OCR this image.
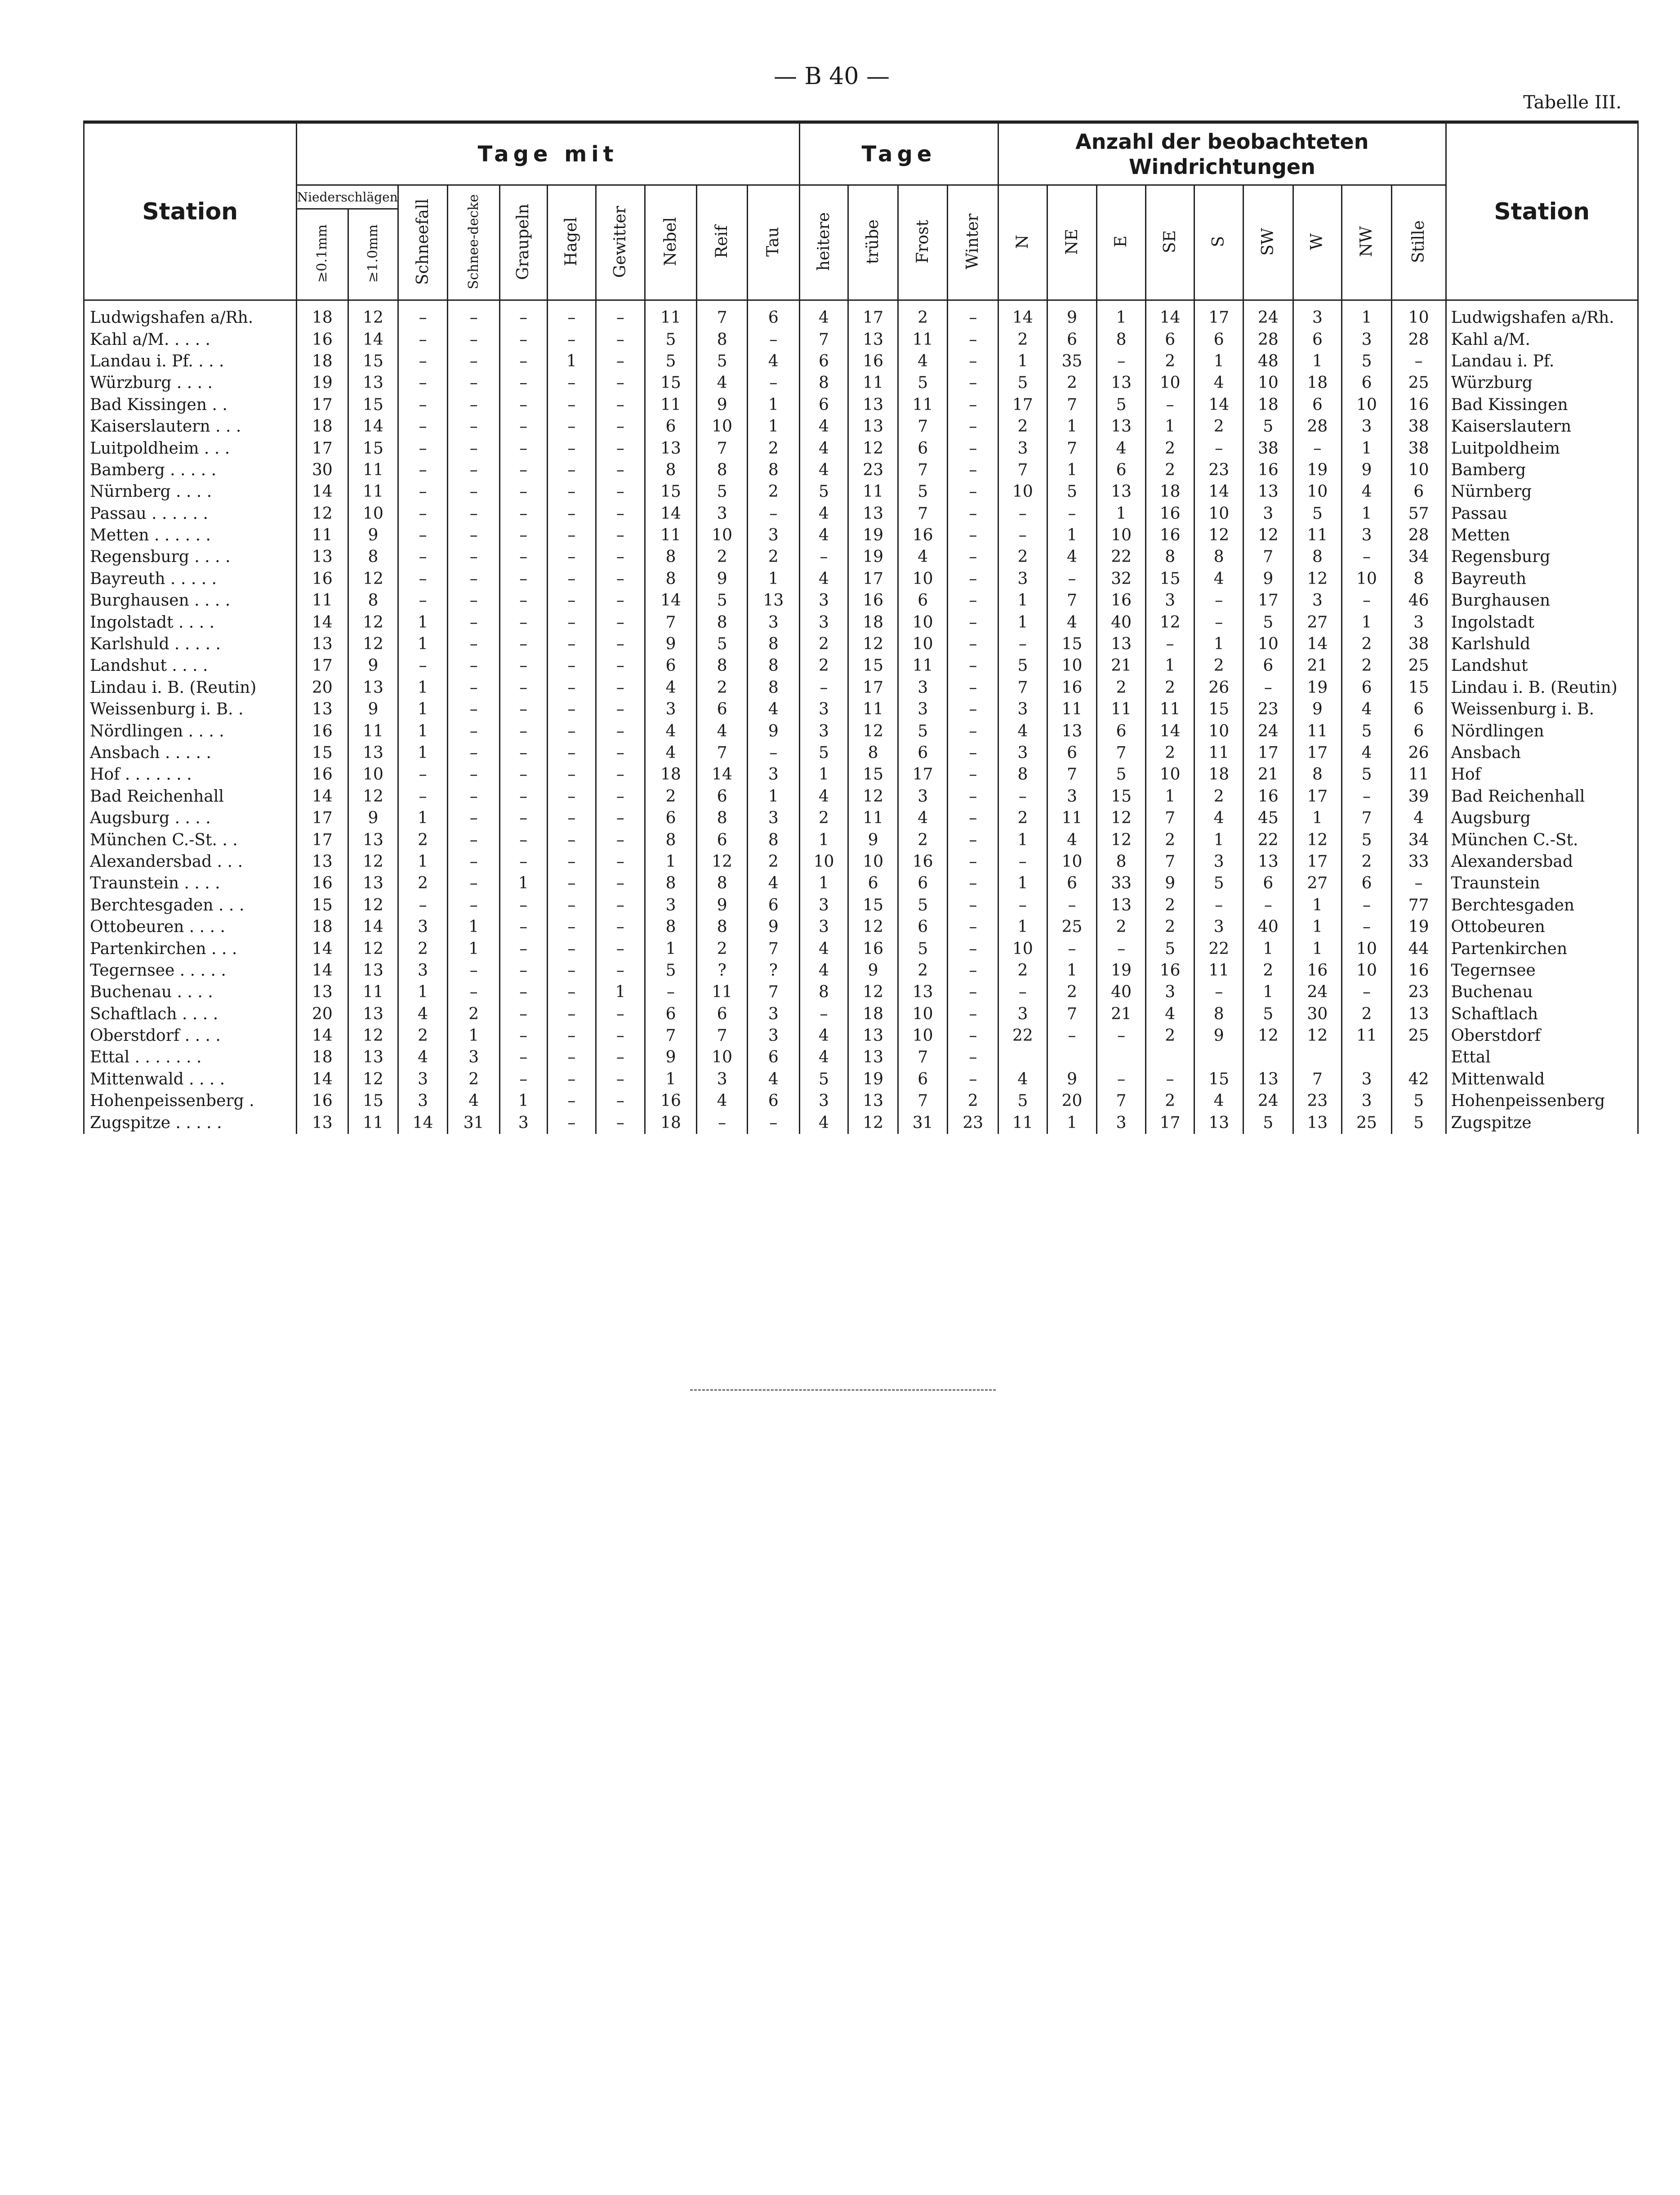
— B 40 —
Tabelle III.
Station	Tage mit										Tage				Anzahl der beobachteten Windrichtungen									Station
	Niederschlägen		Schneefall	Schnee-decke	Graupeln	Hagel	Gewitter	Nebel	Reif	Tau	heitere	trübe	Frost	Winter	N	NE	E	SE	S	SW	W	NW	Stille	
	≥0.1mm	≥1.0mm																						
Ludwigshafen a/Rh.	18	12	–	–	–	–	–	11	7	6	4	17	2	–	14	9	1	14	17	24	3	1	10	Ludwigshafen a/Rh.
Kahl a/M. . . . .	16	14	–	–	–	–	–	5	8	–	7	13	11	–	2	6	8	6	6	28	6	3	28	Kahl a/M.
Landau i. Pf. . . .	18	15	–	–	–	1	–	5	5	4	6	16	4	–	1	35	–	2	1	48	1	5	–	Landau i. Pf.
Würzburg . . . .	19	13	–	–	–	–	–	15	4	–	8	11	5	–	5	2	13	10	4	10	18	6	25	Würzburg
Bad Kissingen . .	17	15	–	–	–	–	–	11	9	1	6	13	11	–	17	7	5	–	14	18	6	10	16	Bad Kissingen
Kaiserslautern . . .	18	14	–	–	–	–	–	6	10	1	4	13	7	–	2	1	13	1	2	5	28	3	38	Kaiserslautern
Luitpoldheim . . .	17	15	–	–	–	–	–	13	7	2	4	12	6	–	3	7	4	2	–	38	–	1	38	Luitpoldheim
Bamberg . . . . .	30	11	–	–	–	–	–	8	8	8	4	23	7	–	7	1	6	2	23	16	19	9	10	Bamberg
Nürnberg . . . .	14	11	–	–	–	–	–	15	5	2	5	11	5	–	10	5	13	18	14	13	10	4	6	Nürnberg
Passau . . . . . .	12	10	–	–	–	–	–	14	3	–	4	13	7	–	–	–	1	16	10	3	5	1	57	Passau
Metten . . . . . .	11	9	–	–	–	–	–	11	10	3	4	19	16	–	–	1	10	16	12	12	11	3	28	Metten
Regensburg . . . .	13	8	–	–	–	–	–	8	2	2	–	19	4	–	2	4	22	8	8	7	8	–	34	Regensburg
Bayreuth . . . . .	16	12	–	–	–	–	–	8	9	1	4	17	10	–	3	–	32	15	4	9	12	10	8	Bayreuth
Burghausen . . . .	11	8	–	–	–	–	–	14	5	13	3	16	6	–	1	7	16	3	–	17	3	–	46	Burghausen
Ingolstadt . . . .	14	12	1	–	–	–	–	7	8	3	3	18	10	–	1	4	40	12	–	5	27	1	3	Ingolstadt
Karlshuld . . . . .	13	12	1	–	–	–	–	9	5	8	2	12	10	–	–	15	13	–	1	10	14	2	38	Karlshuld
Landshut . . . .	17	9	–	–	–	–	–	6	8	8	2	15	11	–	5	10	21	1	2	6	21	2	25	Landshut
Lindau i. B. (Reutin)	20	13	1	–	–	–	–	4	2	8	–	17	3	–	7	16	2	2	26	–	19	6	15	Lindau i. B. (Reutin)
Weissenburg i. B. .	13	9	1	–	–	–	–	3	6	4	3	11	3	–	3	11	11	11	15	23	9	4	6	Weissenburg i. B.
Nördlingen . . . .	16	11	1	–	–	–	–	4	4	9	3	12	5	–	4	13	6	14	10	24	11	5	6	Nördlingen
Ansbach . . . . .	15	13	1	–	–	–	–	4	7	–	5	8	6	–	3	6	7	2	11	17	17	4	26	Ansbach
Hof . . . . . . .	16	10	–	–	–	–	–	18	14	3	1	15	17	–	8	7	5	10	18	21	8	5	11	Hof
Bad Reichenhall	14	12	–	–	–	–	–	2	6	1	4	12	3	–	–	3	15	1	2	16	17	–	39	Bad Reichenhall
Augsburg . . . .	17	9	1	–	–	–	–	6	8	3	2	11	4	–	2	11	12	7	4	45	1	7	4	Augsburg
München C.-St. . .	17	13	2	–	–	–	–	8	6	8	1	9	2	–	1	4	12	2	1	22	12	5	34	München C.-St.
Alexandersbad . . .	13	12	1	–	–	–	–	1	12	2	10	10	16	–	–	10	8	7	3	13	17	2	33	Alexandersbad
Traunstein . . . .	16	13	2	–	1	–	–	8	8	4	1	6	6	–	1	6	33	9	5	6	27	6	–	Traunstein
Berchtesgaden . . .	15	12	–	–	–	–	–	3	9	6	3	15	5	–	–	–	13	2	–	–	1	–	77	Berchtesgaden
Ottobeuren . . . .	18	14	3	1	–	–	–	8	8	9	3	12	6	–	1	25	2	2	3	40	1	–	19	Ottobeuren
Partenkirchen . . .	14	12	2	1	–	–	–	1	2	7	4	16	5	–	10	–	–	5	22	1	1	10	44	Partenkirchen
Tegernsee . . . . .	14	13	3	–	–	–	–	5	?	?	4	9	2	–	2	1	19	16	11	2	16	10	16	Tegernsee
Buchenau . . . .	13	11	1	–	–	–	1	–	11	7	8	12	13	–	–	2	40	3	–	1	24	–	23	Buchenau
Schaftlach . . . .	20	13	4	2	–	–	–	6	6	3	–	18	10	–	3	7	21	4	8	5	30	2	13	Schaftlach
Oberstdorf . . . .	14	12	2	1	–	–	–	7	7	3	4	13	10	–	22	–	–	2	9	12	12	11	25	Oberstdorf
Ettal . . . . . . .	18	13	4	3	–	–	–	9	10	6	4	13	7	–										Ettal
Mittenwald . . . .	14	12	3	2	–	–	–	1	3	4	5	19	6	–	4	9	–	–	15	13	7	3	42	Mittenwald
Hohenpeissenberg .	16	15	3	4	1	–	–	16	4	6	3	13	7	2	5	20	7	2	4	24	23	3	5	Hohenpeissenberg
Zugspitze . . . . .	13	11	14	31	3	–	–	18	–	–	4	12	31	23	11	1	3	17	13	5	13	25	5	Zugspitze
